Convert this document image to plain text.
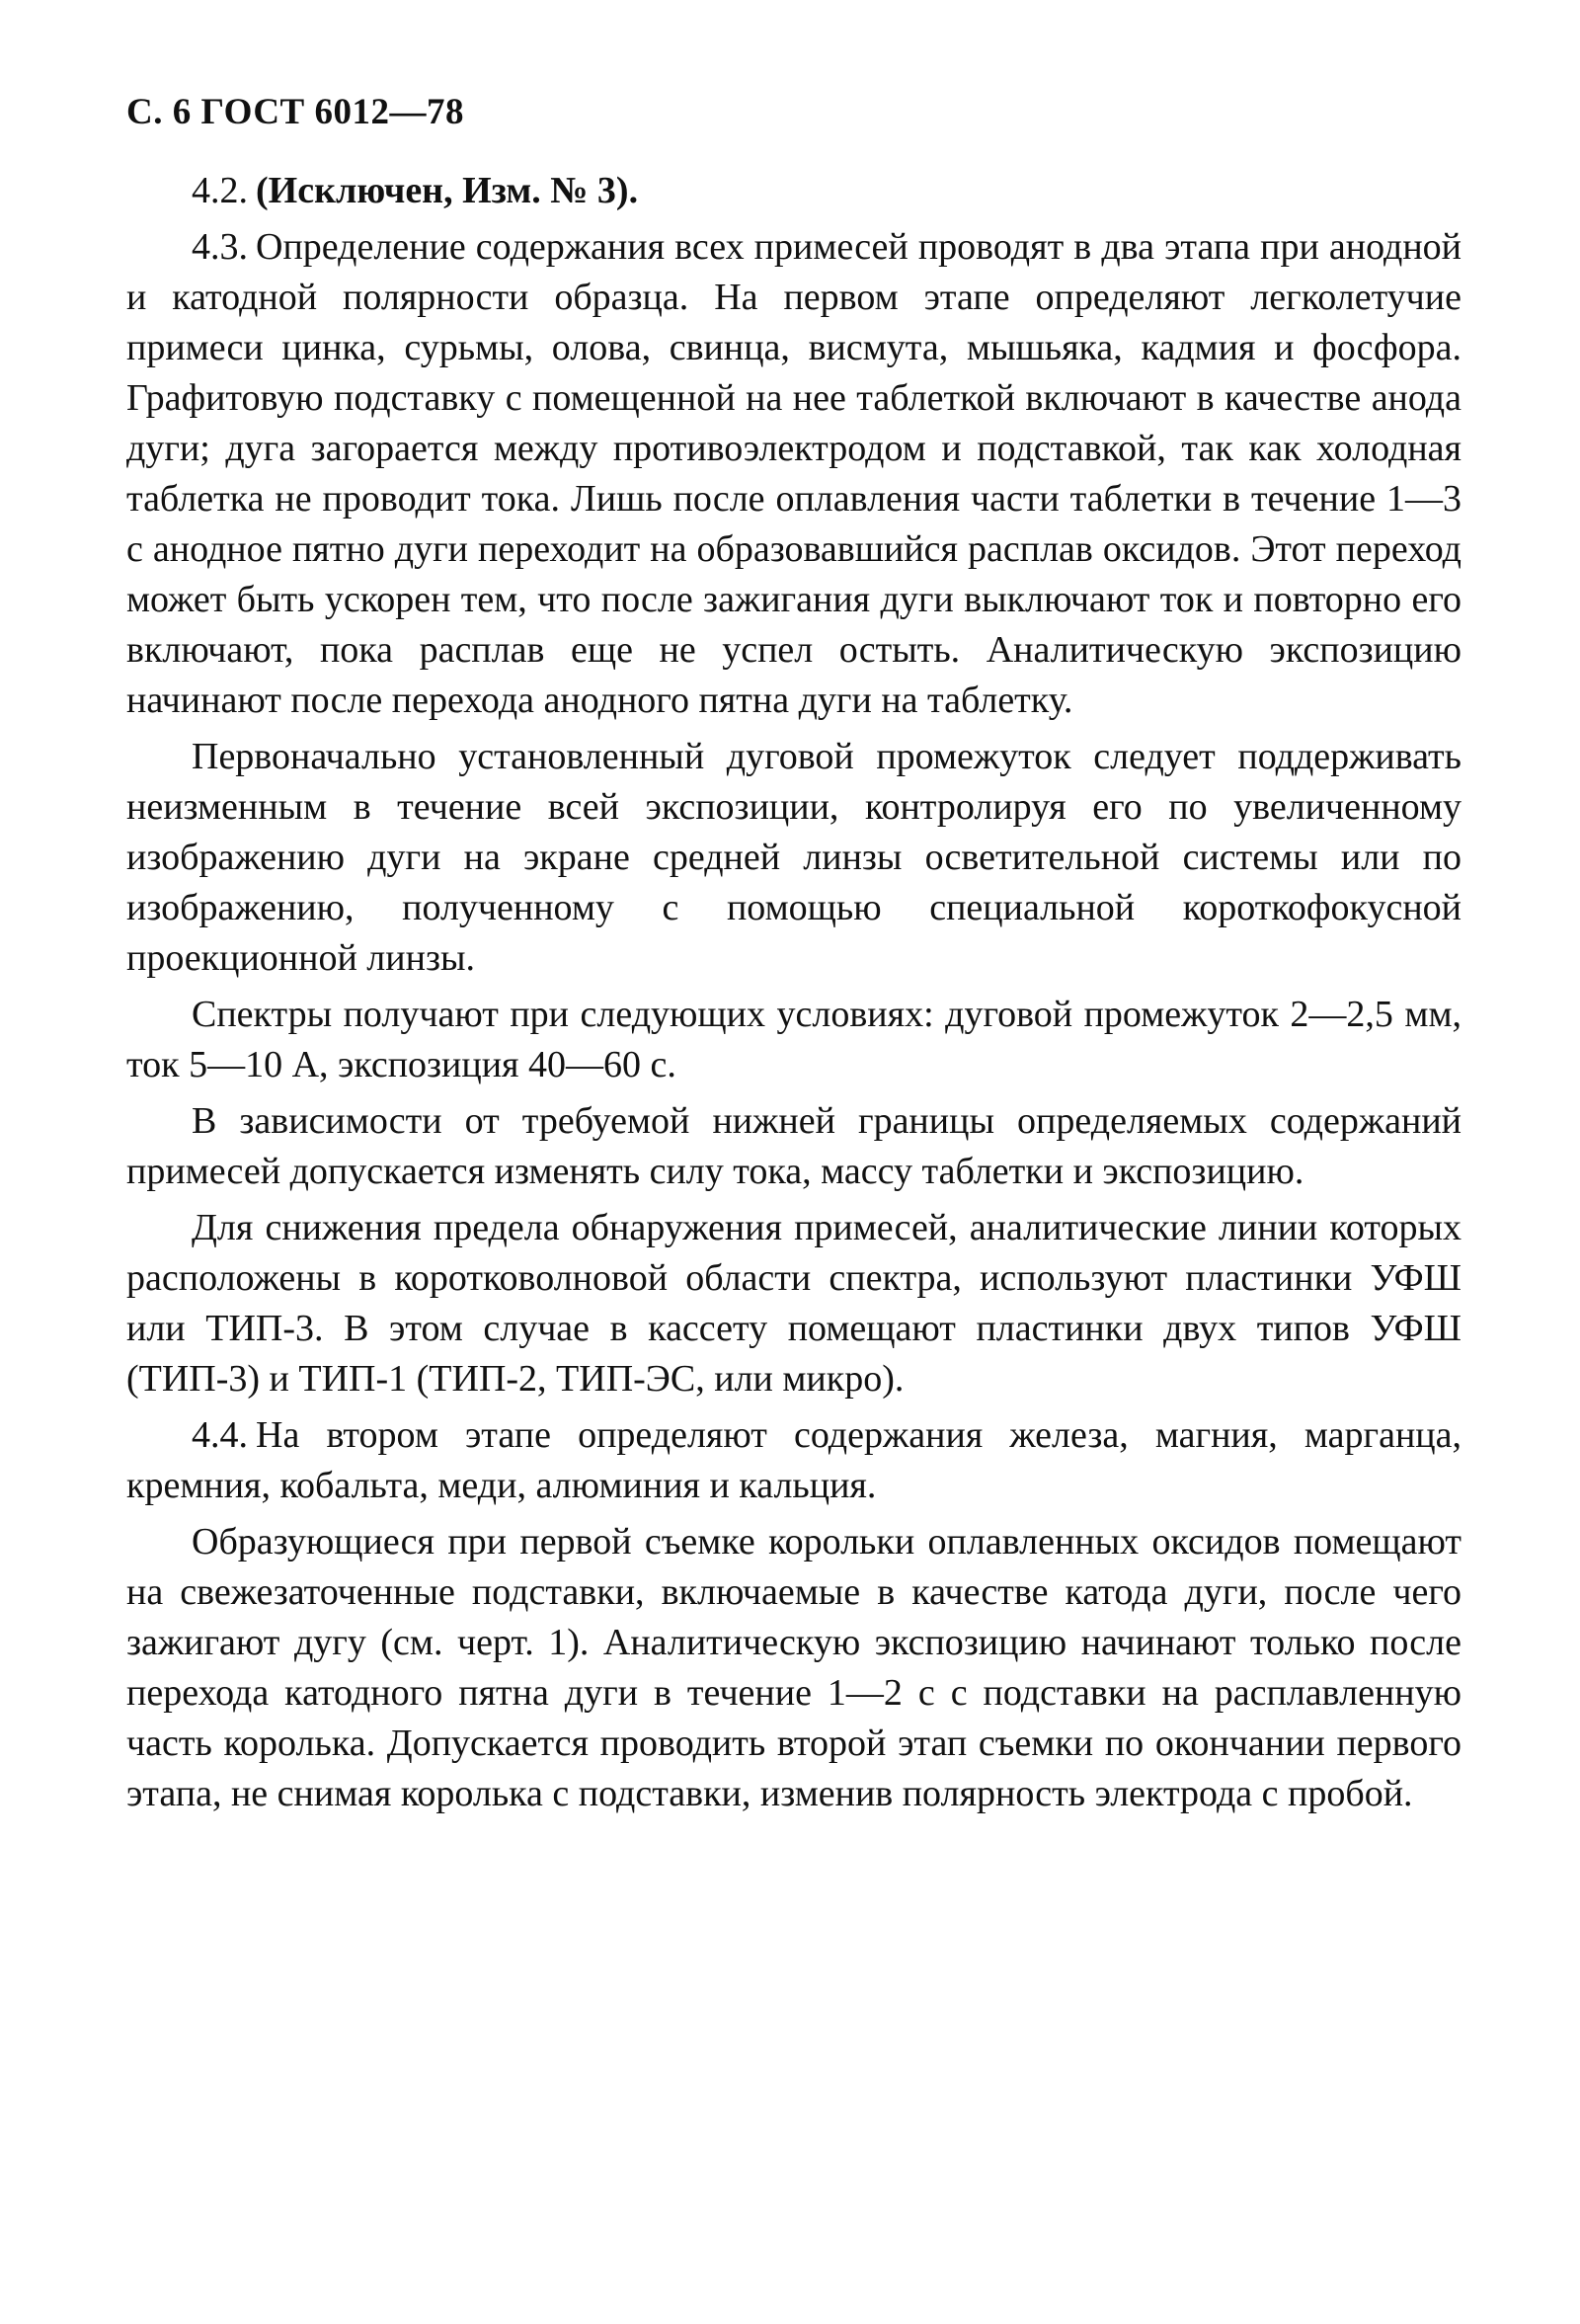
С. 6 ГОСТ 6012—78

4.2. (Исключен, Изм. № 3).

4.3. Определение содержания всех примесей проводят в два этапа при анодной и катодной полярности образца. На первом этапе определяют легколетучие примеси цинка, сурьмы, олова, свинца, висмута, мышьяка, кадмия и фосфора. Графитовую подставку с помещенной на нее таблеткой включают в качестве анода дуги; дуга загорается между противоэлектродом и подставкой, так как холодная таблетка не проводит тока. Лишь после оплавления части таблетки в течение 1—3 с анодное пятно дуги переходит на образовавшийся расплав оксидов. Этот переход может быть ускорен тем, что после зажигания дуги выключают ток и повторно его включают, пока расплав еще не успел остыть. Аналитическую экспозицию начинают после перехода анодного пятна дуги на таблетку.

Первоначально установленный дуговой промежуток следует поддерживать неизменным в течение всей экспозиции, контролируя его по увеличенному изображению дуги на экране средней линзы осветительной системы или по изображению, полученному с помощью специальной короткофокусной проекционной линзы.

Спектры получают при следующих условиях: дуговой промежуток 2—2,5 мм, ток 5—10 А, экспозиция 40—60 с.

В зависимости от требуемой нижней границы определяемых содержаний примесей допускается изменять силу тока, массу таблетки и экспозицию.

Для снижения предела обнаружения примесей, аналитические линии которых расположены в коротковолновой области спектра, используют пластинки УФШ или ТИП-3. В этом случае в кассету помещают пластинки двух типов УФШ (ТИП-3) и ТИП-1 (ТИП-2, ТИП-ЭС, или микро).

4.4. На втором этапе определяют содержания железа, магния, марганца, кремния, кобальта, меди, алюминия и кальция.

Образующиеся при первой съемке корольки оплавленных оксидов помещают на свежезаточенные подставки, включаемые в качестве катода дуги, после чего зажигают дугу (см. черт. 1). Аналитическую экспозицию начинают только после перехода катодного пятна дуги в течение 1—2 с с подставки на расплавленную часть королька. Допускается проводить второй этап съемки по окончании первого этапа, не снимая королька с подставки, изменив полярность электрода с пробой.
